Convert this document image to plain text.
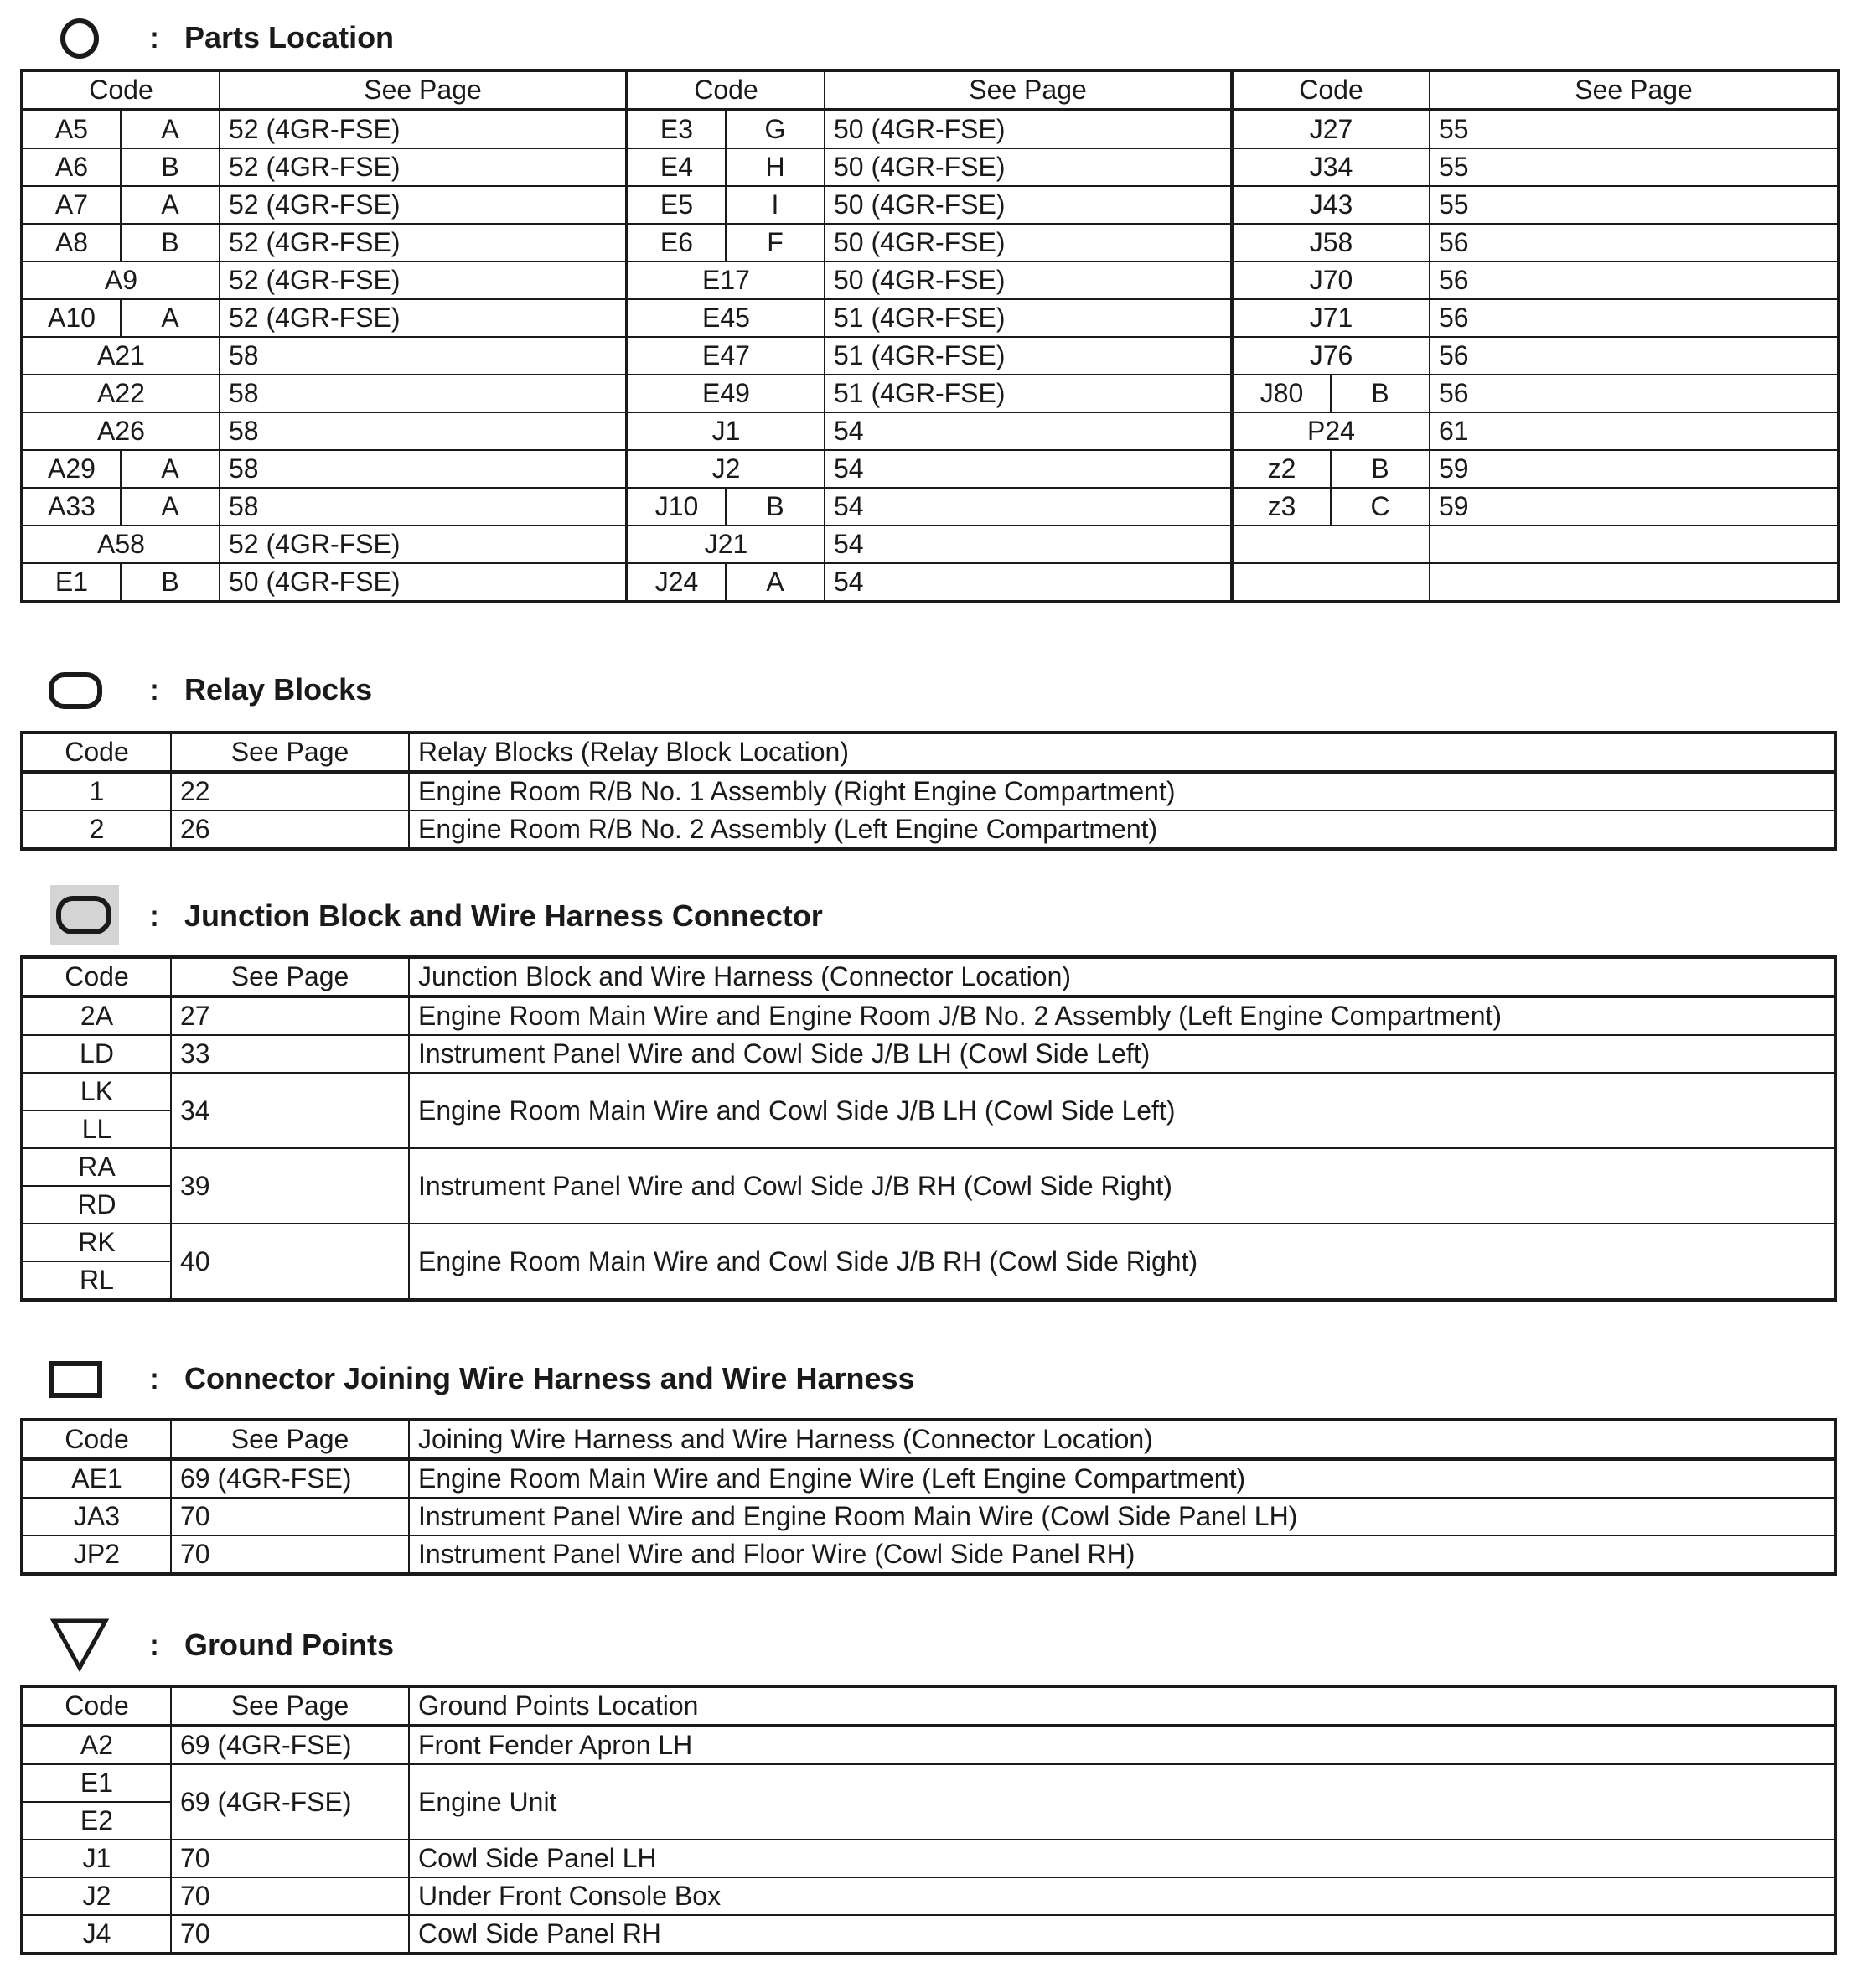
: Parts Location
Code		See Page	Code		See Page	Code		See Page
A5	A	52 (4GR-FSE)	E3	G	50 (4GR-FSE)	J27		55
A6	B	52 (4GR-FSE)	E4	H	50 (4GR-FSE)	J34		55
A7	A	52 (4GR-FSE)	E5	I	50 (4GR-FSE)	J43		55
A8	B	52 (4GR-FSE)	E6	F	50 (4GR-FSE)	J58		56
A9		52 (4GR-FSE)	E17		50 (4GR-FSE)	J70		56
A10	A	52 (4GR-FSE)	E45		51 (4GR-FSE)	J71		56
A21		58	E47		51 (4GR-FSE)	J76		56
A22		58	E49		51 (4GR-FSE)	J80	B	56
A26		58	J1		54	P24		61
A29	A	58	J2		54	z2	B	59
A33	A	58	J10	B	54	z3	C	59
A58		52 (4GR-FSE)	J21		54			
E1	B	50 (4GR-FSE)	J24	A	54			
: Relay Blocks
Code	See Page	Relay Blocks (Relay Block Location)
1	22	Engine Room R/B No. 1 Assembly (Right Engine Compartment)
2	26	Engine Room R/B No. 2 Assembly (Left Engine Compartment)
: Junction Block and Wire Harness Connector
Code	See Page	Junction Block and Wire Harness (Connector Location)
2A	27	Engine Room Main Wire and Engine Room J/B No. 2 Assembly (Left Engine Compartment)
LD	33	Instrument Panel Wire and Cowl Side J/B LH (Cowl Side Left)
LK	34	Engine Room Main Wire and Cowl Side J/B LH (Cowl Side Left)
LL		
RA	39	Instrument Panel Wire and Cowl Side J/B RH (Cowl Side Right)
RD		
RK	40	Engine Room Main Wire and Cowl Side J/B RH (Cowl Side Right)
RL		
: Connector Joining Wire Harness and Wire Harness
Code	See Page	Joining Wire Harness and Wire Harness (Connector Location)
AE1	69 (4GR-FSE)	Engine Room Main Wire and Engine Wire (Left Engine Compartment)
JA3	70	Instrument Panel Wire and Engine Room Main Wire (Cowl Side Panel LH)
JP2	70	Instrument Panel Wire and Floor Wire (Cowl Side Panel RH)
: Ground Points
Code	See Page	Ground Points Location
A2	69 (4GR-FSE)	Front Fender Apron LH
E1	69 (4GR-FSE)	Engine Unit
E2		
J1	70	Cowl Side Panel LH
J2	70	Under Front Console Box
J4	70	Cowl Side Panel RH
